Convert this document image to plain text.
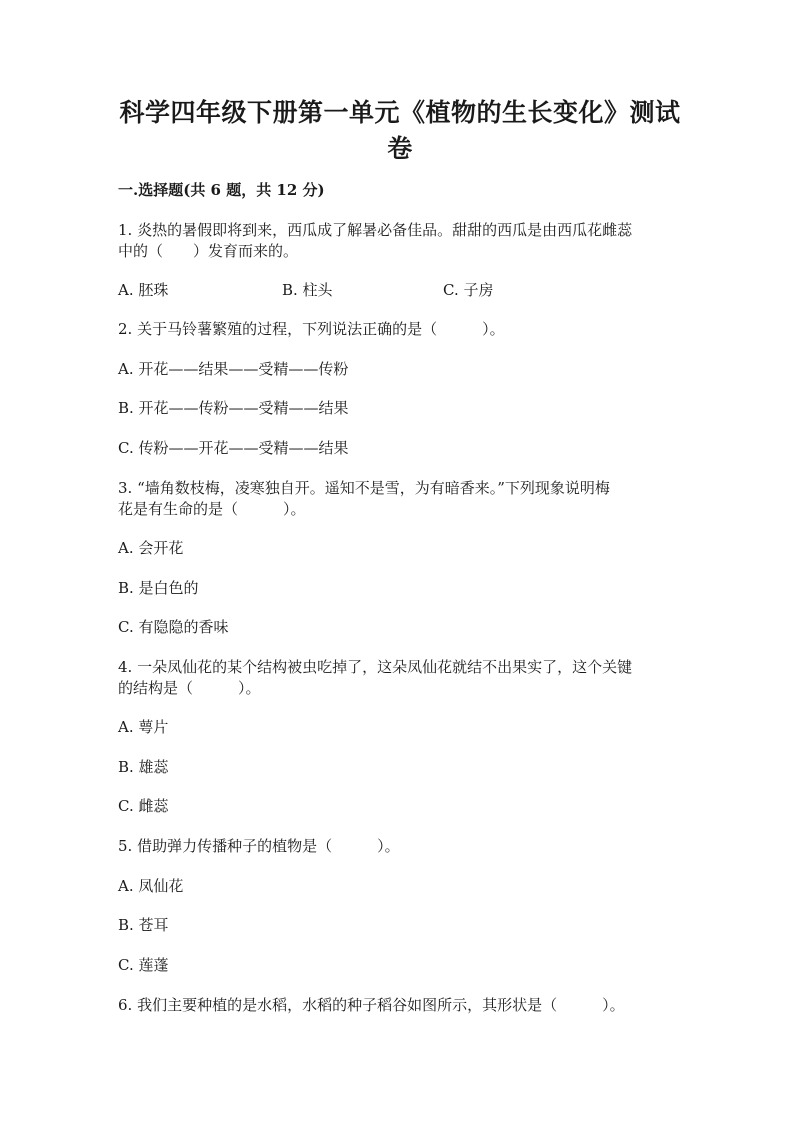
科学四年级下册第一单元《植物的生长变化》测试
卷
一.选择题(共 6 题，共 12 分)
1. 炎热的暑假即将到来，西瓜成了解暑必备佳品。甜甜的西瓜是由西瓜花雌蕊
中的（　　）发育而来的。
A. 胚珠	B. 柱头	C. 子房
2. 关于马铃薯繁殖的过程，下列说法正确的是（　　　）。
A. 开花——结果——受精——传粉
B. 开花——传粉——受精——结果
C. 传粉——开花——受精——结果
3. “墙角数枝梅，凌寒独自开。遥知不是雪，为有暗香来。”下列现象说明梅
花是有生命的是（　　　）。
A. 会开花
B. 是白色的
C. 有隐隐的香味
4. 一朵凤仙花的某个结构被虫吃掉了，这朵凤仙花就结不出果实了，这个关键
的结构是（　　　）。
A. 萼片
B. 雄蕊
C. 雌蕊
5. 借助弹力传播种子的植物是（　　　）。
A. 凤仙花
B. 苍耳
C. 莲蓬
6. 我们主要种植的是水稻，水稻的种子稻谷如图所示，其形状是（　　　）。
